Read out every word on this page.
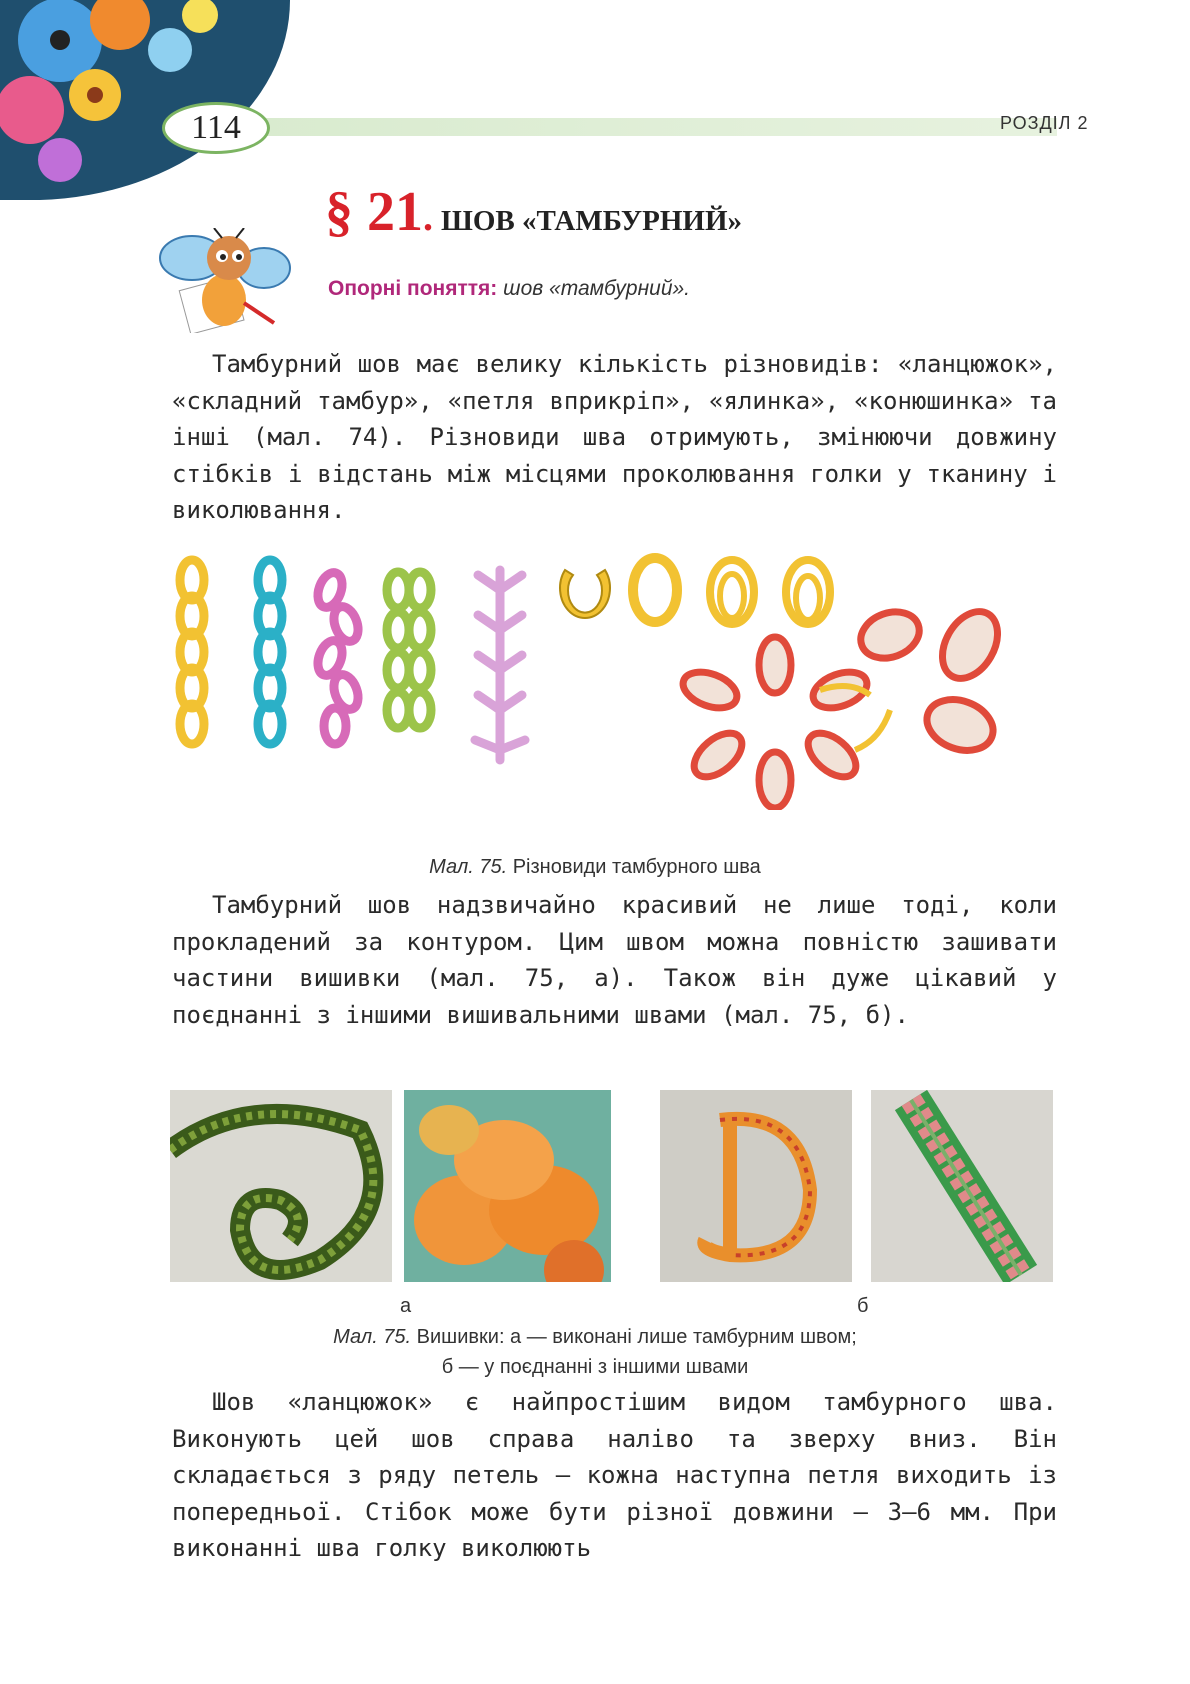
114	РОЗДІЛ 2
§ 21. ШОВ «ТАМБУРНИЙ»
Опорні поняття: шов «тамбурний».
Тамбурний шов має велику кількість різновидів: «ланцюжок», «складний тамбур», «петля вприкріп», «ялинка», «конюшинка» та інші (мал. 74). Різновиди шва отримують, змінюючи довжину стібків і відстань між місцями проколювання голки у тканину і виколювання.
Мал. 75. Різновиди тамбурного шва
Тамбурний шов надзвичайно красивий не лише тоді, коли прокладений за контуром. Цим швом можна повністю зашивати частини вишивки (мал. 75, а). Також він дуже цікавий у поєднанні з іншими вишивальними швами (мал. 75, б).
а	б
Мал. 75. Вишивки: а — виконані лише тамбурним швом;
б — у поєднанні з іншими швами
Шов «ланцюжок» є найпростішим видом тамбурного шва. Виконують цей шов справа наліво та зверху вниз. Він складається з ряду петель — кожна наступна петля виходить із попередньої. Стібок може бути різної довжини — 3—6 мм. При виконанні шва голку виколюють
